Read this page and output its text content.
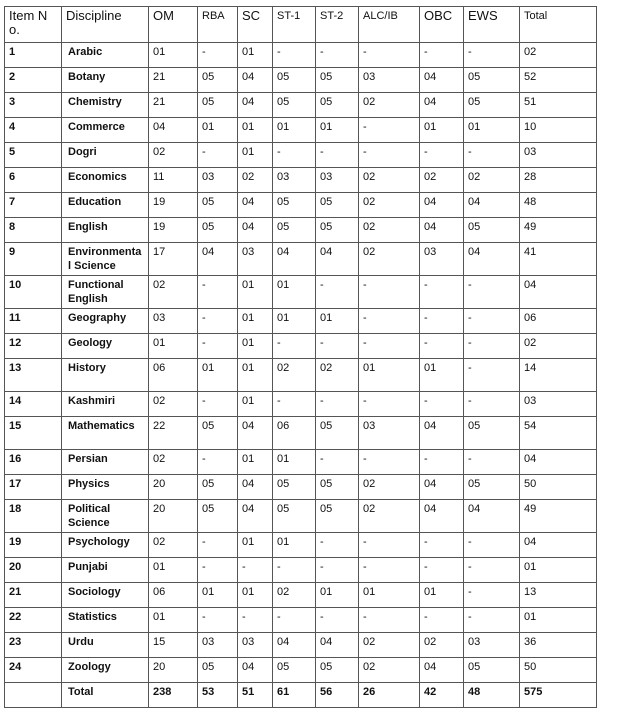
Item No.	Discipline	OM	RBA	SC	ST-1	ST-2	ALC/IB	OBC	EWS	Total
1	Arabic	01	-	01	-	-	-	-	-	02
2	Botany	21	05	04	05	05	03	04	05	52
3	Chemistry	21	05	04	05	05	02	04	05	51
4	Commerce	04	01	01	01	01	-	01	01	10
5	Dogri	02	-	01	-	-	-	-	-	03
6	Economics	11	03	02	03	03	02	02	02	28
7	Education	19	05	04	05	05	02	04	04	48
8	English	19	05	04	05	05	02	04	05	49
9	Environmental Science	17	04	03	04	04	02	03	04	41
10	Functional English	02	-	01	01	-	-	-	-	04
11	Geography	03	-	01	01	01	-	-	-	06
12	Geology	01	-	01	-	-	-	-	-	02
13	History	06	01	01	02	02	01	01	-	14
14	Kashmiri	02	-	01	-	-	-	-	-	03
15	Mathematics	22	05	04	06	05	03	04	05	54
16	Persian	02	-	01	01	-	-	-	-	04
17	Physics	20	05	04	05	05	02	04	05	50
18	Political Science	20	05	04	05	05	02	04	04	49
19	Psychology	02	-	01	01	-	-	-	-	04
20	Punjabi	01	-	-	-	-	-	-	-	01
21	Sociology	06	01	01	02	01	01	01	-	13
22	Statistics	01	-	-	-	-	-	-	-	01
23	Urdu	15	03	03	04	04	02	02	03	36
24	Zoology	20	05	04	05	05	02	04	05	50
	Total	238	53	51	61	56	26	42	48	575
